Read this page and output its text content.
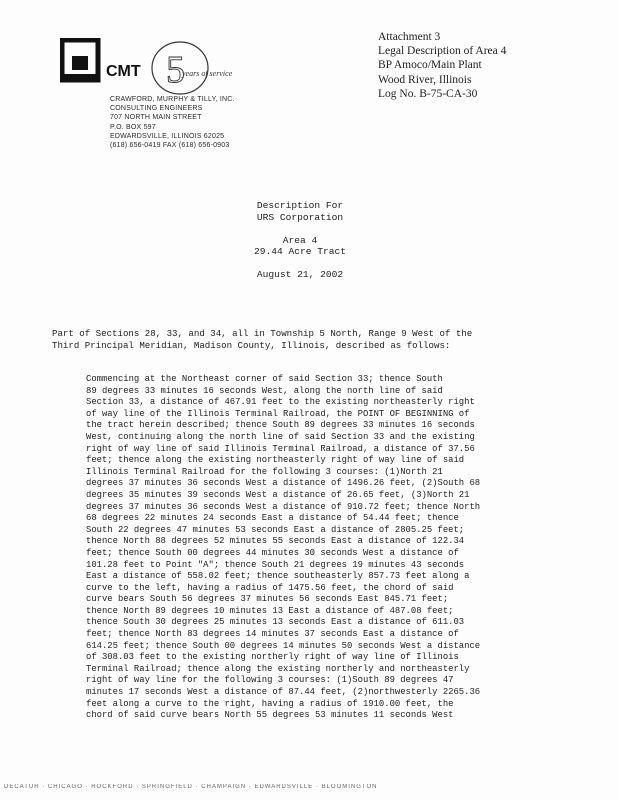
5
CMT	years of service
CRAWFORD, MURPHY & TILLY, INC.
CONSULTING ENGINEERS
707 NORTH MAIN STREET
P.O. BOX 597
EDWARDSVILLE, ILLINOIS 62025
(618) 656-0419 FAX (618) 656-0903
Attachment 3
Legal Description of Area 4
BP Amoco/Main Plant
Wood River, Illinois
Log No. B-75-CA-30
Description For
URS Corporation
Area 4
29.44 Acre Tract
August 21, 2002
Part of Sections 28, 33, and 34, all in Township 5 North, Range 9 West of the
Third Principal Meridian, Madison County, Illinois, described as follows:
Commencing at the Northeast corner of said Section 33; thence South
89 degrees 33 minutes 16 seconds West, along the north line of said
Section 33, a distance of 467.91 feet to the existing northeasterly right
of way line of the Illinois Terminal Railroad, the POINT OF BEGINNING of
the tract herein described; thence South 89 degrees 33 minutes 16 seconds
West, continuing along the north line of said Section 33 and the existing
right of way line of said Illinois Terminal Railroad, a distance of 37.56
feet; thence along the existing northeasterly right of way line of said
Illinois Terminal Railroad for the following 3 courses: (1)North 21
degrees 37 minutes 36 seconds West a distance of 1496.26 feet, (2)South 68
degrees 35 minutes 39 seconds West a distance of 26.65 feet, (3)North 21
degrees 37 minutes 36 seconds West a distance of 910.72 feet; thence North
68 degrees 22 minutes 24 seconds East a distance of 54.44 feet; thence
South 22 degrees 47 minutes 53 seconds East a distance of 2805.25 feet;
thence North 88 degrees 52 minutes 55 seconds East a distance of 122.34
feet; thence South 00 degrees 44 minutes 30 seconds West a distance of
101.28 feet to Point "A"; thence South 21 degrees 19 minutes 43 seconds
East a distance of 558.02 feet; thence southeasterly 857.73 feet along a
curve to the left, having a radius of 1475.56 feet, the chord of said
curve bears South 56 degrees 37 minutes 56 seconds East 845.71 feet;
thence North 89 degrees 10 minutes 13 East a distance of 487.08 feet;
thence South 30 degrees 25 minutes 13 seconds East a distance of 611.03
feet; thence North 83 degrees 14 minutes 37 seconds East a distance of
614.25 feet; thence South 00 degrees 14 minutes 50 seconds West a distance
of 308.03 feet to the existing northerly right of way line of Illinois
Terminal Railroad; thence along the existing northerly and northeasterly
right of way line for the following 3 courses: (1)South 89 degrees 47
minutes 17 seconds West a distance of 87.44 feet, (2)northwesterly 2265.36
feet along a curve to the right, having a radius of 1910.00 feet, the
chord of said curve bears North 55 degrees 53 minutes 11 seconds West
DECATUR · CHICAGO · ROCKFORD · SPRINGFIELD · CHAMPAIGN · EDWARDSVILLE · BLOOMINGTON
